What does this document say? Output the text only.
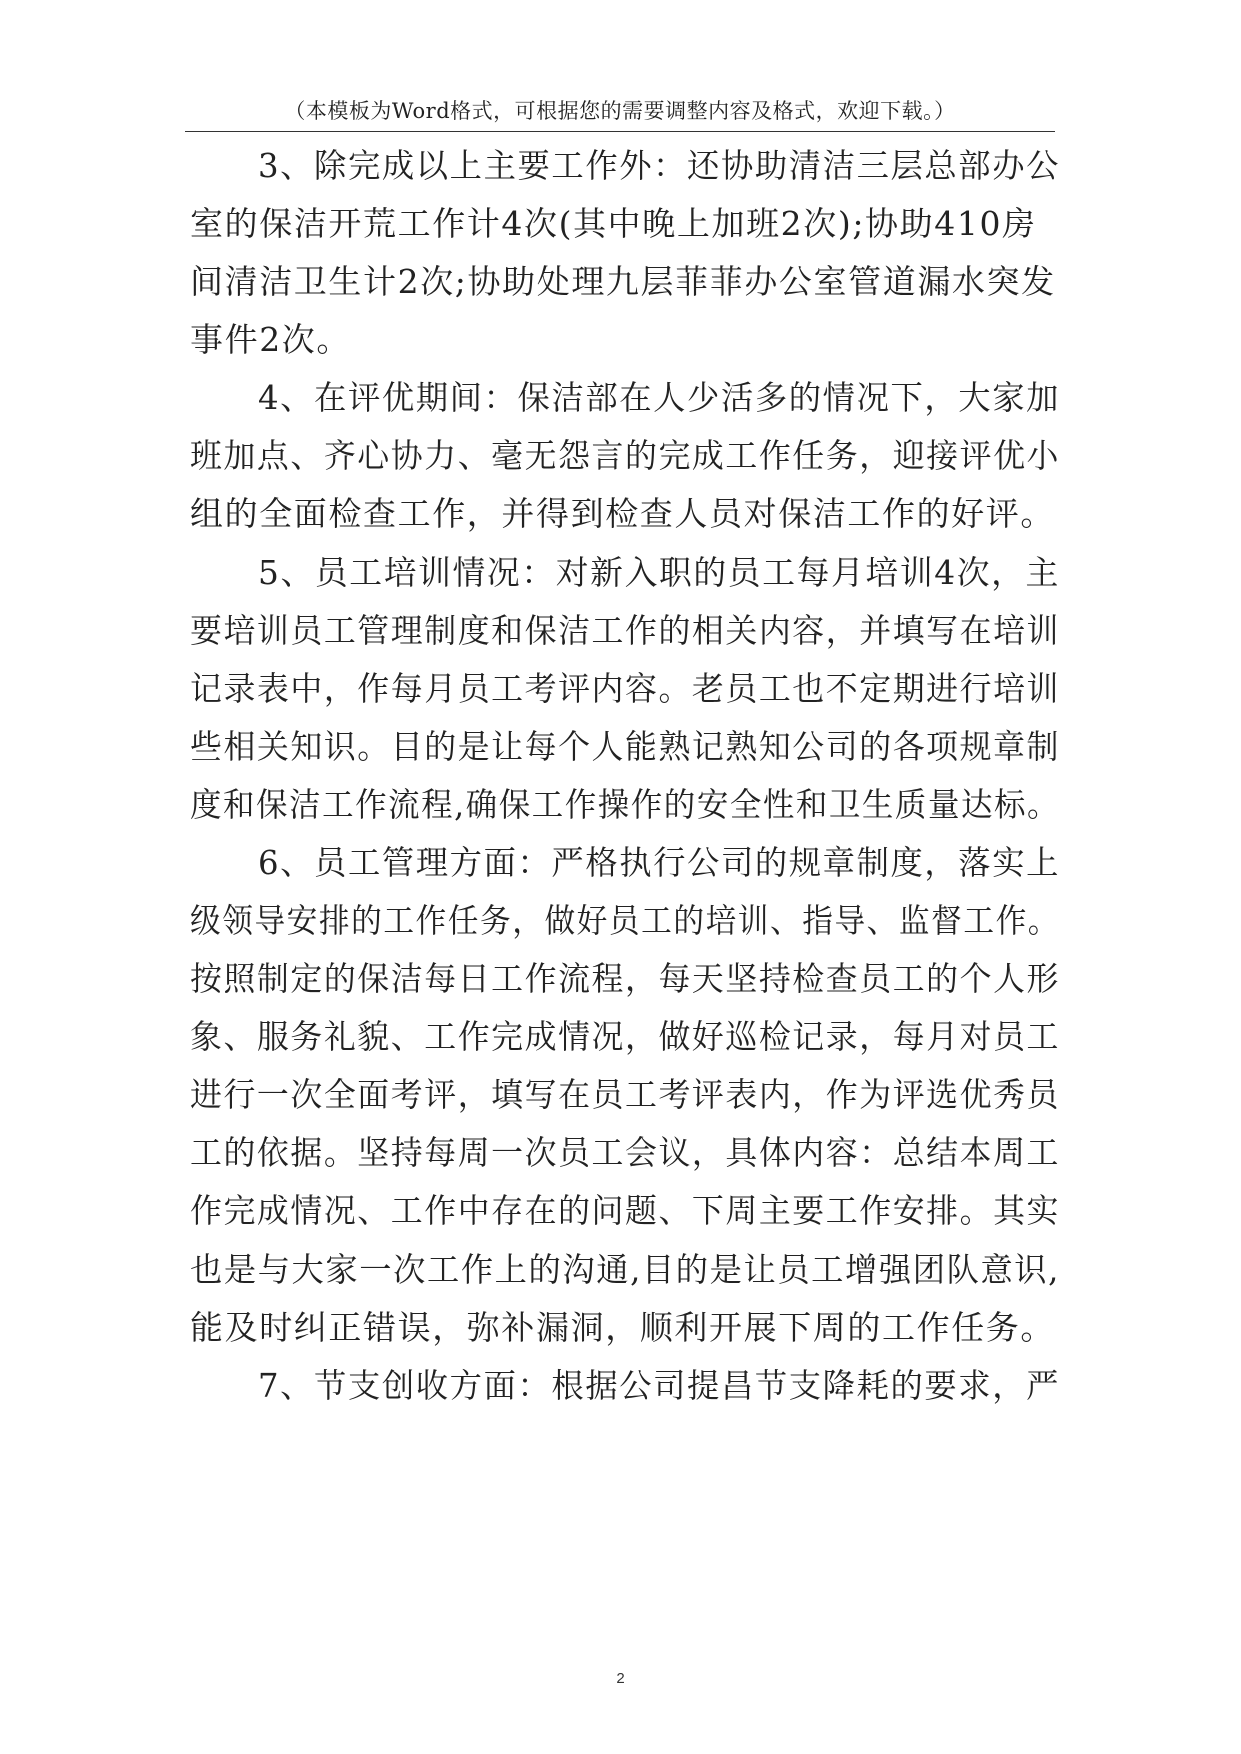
（本模板为Word格式，可根据您的需要调整内容及格式，欢迎下载。）
3、除完成以上主要工作外：还协助清洁三层总部办公
室的保洁开荒工作计4次(其中晚上加班2次);协助410房
间清洁卫生计2次;协助处理九层菲菲办公室管道漏水突发
事件2次。
4、在评优期间：保洁部在人少活多的情况下，大家加
班加点、齐心协力、毫无怨言的完成工作任务，迎接评优小
组的全面检查工作，并得到检查人员对保洁工作的好评。
5、员工培训情况：对新入职的员工每月培训4次，主
要培训员工管理制度和保洁工作的相关内容，并填写在培训
记录表中，作每月员工考评内容。老员工也不定期进行培训
些相关知识。目的是让每个人能熟记熟知公司的各项规章制
度和保洁工作流程,确保工作操作的安全性和卫生质量达标。
6、员工管理方面：严格执行公司的规章制度，落实上
级领导安排的工作任务，做好员工的培训、指导、监督工作。
按照制定的保洁每日工作流程，每天坚持检查员工的个人形
象、服务礼貌、工作完成情况，做好巡检记录，每月对员工
进行一次全面考评，填写在员工考评表内，作为评选优秀员
工的依据。坚持每周一次员工会议，具体内容：总结本周工
作完成情况、工作中存在的问题、下周主要工作安排。其实
也是与大家一次工作上的沟通,目的是让员工增强团队意识,
能及时纠正错误，弥补漏洞，顺利开展下周的工作任务。
7、节支创收方面：根据公司提昌节支降耗的要求，严
2
